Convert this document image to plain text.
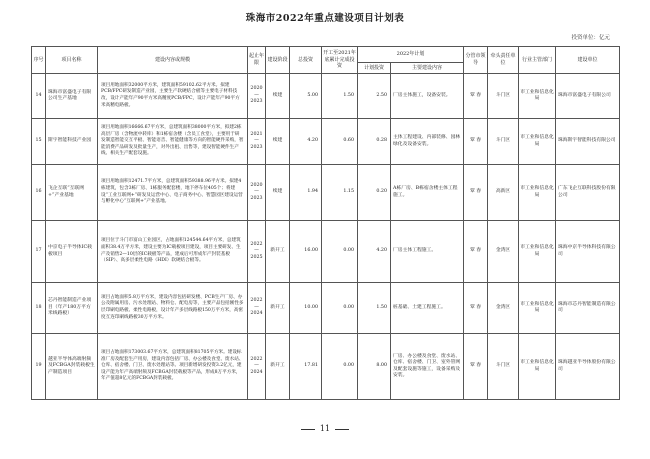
珠海市2022年重点建设项目计划表
投资单位：亿元
序号	项目名称	建设内容或规模	起止年限	建设阶段	总投资	开工至2021年底累计完成投资	2022年计划		分管市领导	牵头责任单位	行业主管部门	建设单位
							计划投资	主要建设内容				
14	珠海市富盛电子有限公司生产基地	项目用地面积32000平方米，建筑面积59102.62平方米。拟建PCB/FPC研发制造产业园，主要生产软硬结合板等主要电子材料技改，设计产能年产90平方米高精度PCB/FPC，设计产能年产90平方米高精电路板。	2020—2023	续建	5.00	1.50	2.50	厂房主体施工，设备安装。	覃 春	斗门区	市工业和信息化局	珠海市富盛电子有限公司
15	斯宇智能科技产业园	项目用地面积16666.67平方米，总建筑面积38000平方米，拟建2栋高层厂房（含物流中转库）和1栋宿舍楼（含员工食堂），主要用于研发制造智能交互平板、智能语音、智能健康等方向的智能硬件采购，智能消费产品研发及批量生产，对外出租、出售等，建设智能硬件生产线、相关生产配套设施。	2021—2023	续建	4.20	0.60	0.28	主体工程建设、内部装修、园林绿化及设备安装。	覃 春	斗门区	市工业和信息化局	珠海斯宇智能科技有限公司
16	飞企互联“互联网+”产业基地	项目用地面积12471.7平方米，总建筑面积59388.96平方米。拟建4栋建筑，包含3栋厂房、1栋服务配套楼，地下停车位405个；将建设“工业互联网+”研发及运营中心、电子商务中心、智慧园区建设运营与孵化中心“互联网+”产业基地。	2020—2023	续建	1.94	1.15	0.20	A栋厂房、B栋宿舍楼主体工程施工。	覃 春	高新区	市工业和信息化局	广东飞企互联科技股份有限公司
17	中京电子半导体IC载板项目	项目位于斗门市富山工业园区，占地面积124544.64平方米，总建筑面积38.4万平方米，建设主要为IC载板项目建设，项目主要研发、生产及销售2—10层的IC载板等产品，建成后可形成年产封装基板（SIP）、高多层柔性电路（HDI）软硬结合板等。	2022—2025	新开工	16.00	0.00	4.20	厂房主体工程施工。	覃 春	金湾区	市工业和信息化局	珠海中京半导体科技有限公司
18	芯丹智能制造产业项目（年产180万平方米线路板）	项目占地面积5.8万平方米，建设内容包括研发楼、PCB生产厂房、办公及附属用房、污水处理站、物料仓、配电房等，主要产品包括刚性多层印刷电路板、柔性电路板，设计年产多层线路板150万平方米，高密度互连印刷线路板30万平方米。	2022—2024	新开工	10.00	0.00	1.50	桩基础、土建工程施工。	覃 春	金湾区	市工业和信息化局	珠海市芯丹智能制造有限公司
19	越亚半导体高端射频及FCBGA封装载板生产制造项目	项目占地面积173003.67平方米，总建筑面积81705平方米。建设标准厂房及配套生产用房，建设内容包括厂房、办公楼及食堂、废水站、仓库、宿舍楼、门卫、废水处理站等。项目新增研发投资3.2亿元，建设产能为年产高端射频及FCBGA封装载板等产品，形成8万平方米，年产值超8亿元的FCBGA封装载板。	2022—2024	新开工	17.81	0.00	8.00	厂房、办公楼及食堂、废水站、仓库、宿舍楼、门卫、室外管网及配套设施等施工，设备采购及安装。	覃 春	斗门区	市工业和信息化局	珠海越亚半导体股份有限公司
11
